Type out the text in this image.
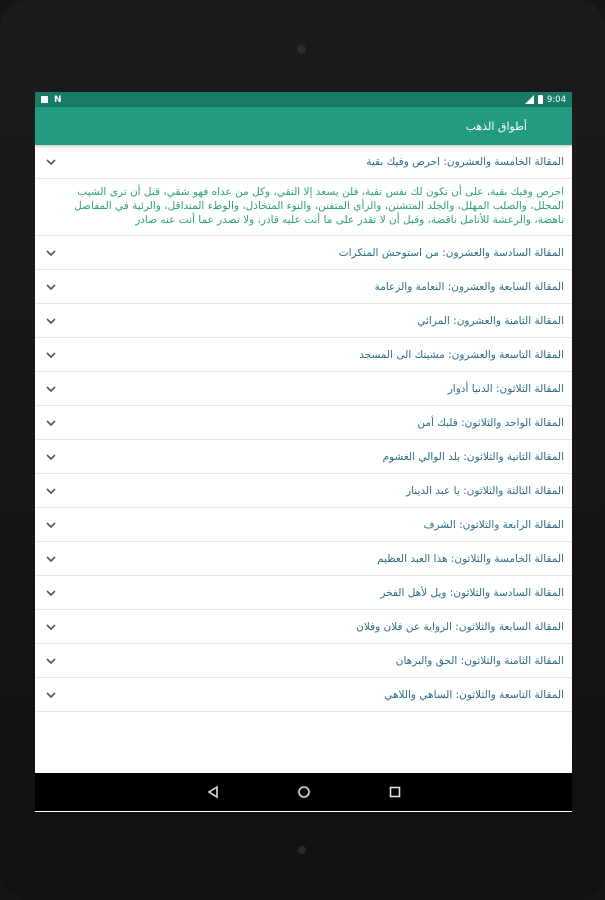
N	9:04
أطواق الذهب
المقالة الخامسة والعشرون: احرص وفيك بقية
احرص وفيك بقية، على أن تكون لك نفس تقية، فلن يسعد إلا التقي، وكل من عداه فهو شقي، قبل أن ترى الشيب المجلل، والصلب المهلل، والجلد المتشنن، والرأي المتفنن، والنوء المتخاذل، والوطء المتداقل، والرئية في المفاصل ناهضة، والرعشة للأنامل ناقضة، وقبل أن لا تقدر على ما أنت عليه قادر، ولا تصدر عما أنت عنه صادر
المقالة السادسة والعشرون: من استوحش المنكرات
المقالة السابعة والعشرون: النعامة والزعامة
المقالة الثامنة والعشرون: المرائي
المقالة التاسعة والعشرون: مشيتك الى المسجد
المقالة الثلاثون: الدنيا أدوار
المقالة الواحد والثلاثون: قلبك أمن
المقالة الثانية والثلاثون: بلد الوالي الغشوم
المقالة الثالثة والثلاثون: يا عبد الدينار
المقالة الرابعة والثلاثون: الشرف
المقالة الخامسة والثلاثون: هذا العبد العظيم
المقالة السادسة والثلاثون: ويل لأهل الفخر
المقالة السابعة والثلاثون: الرواية عن فلان وفلان
المقالة الثامنة والثلاثون: الحق والبرهان
المقالة التاسعة والثلاثون: الساهي واللاهي
